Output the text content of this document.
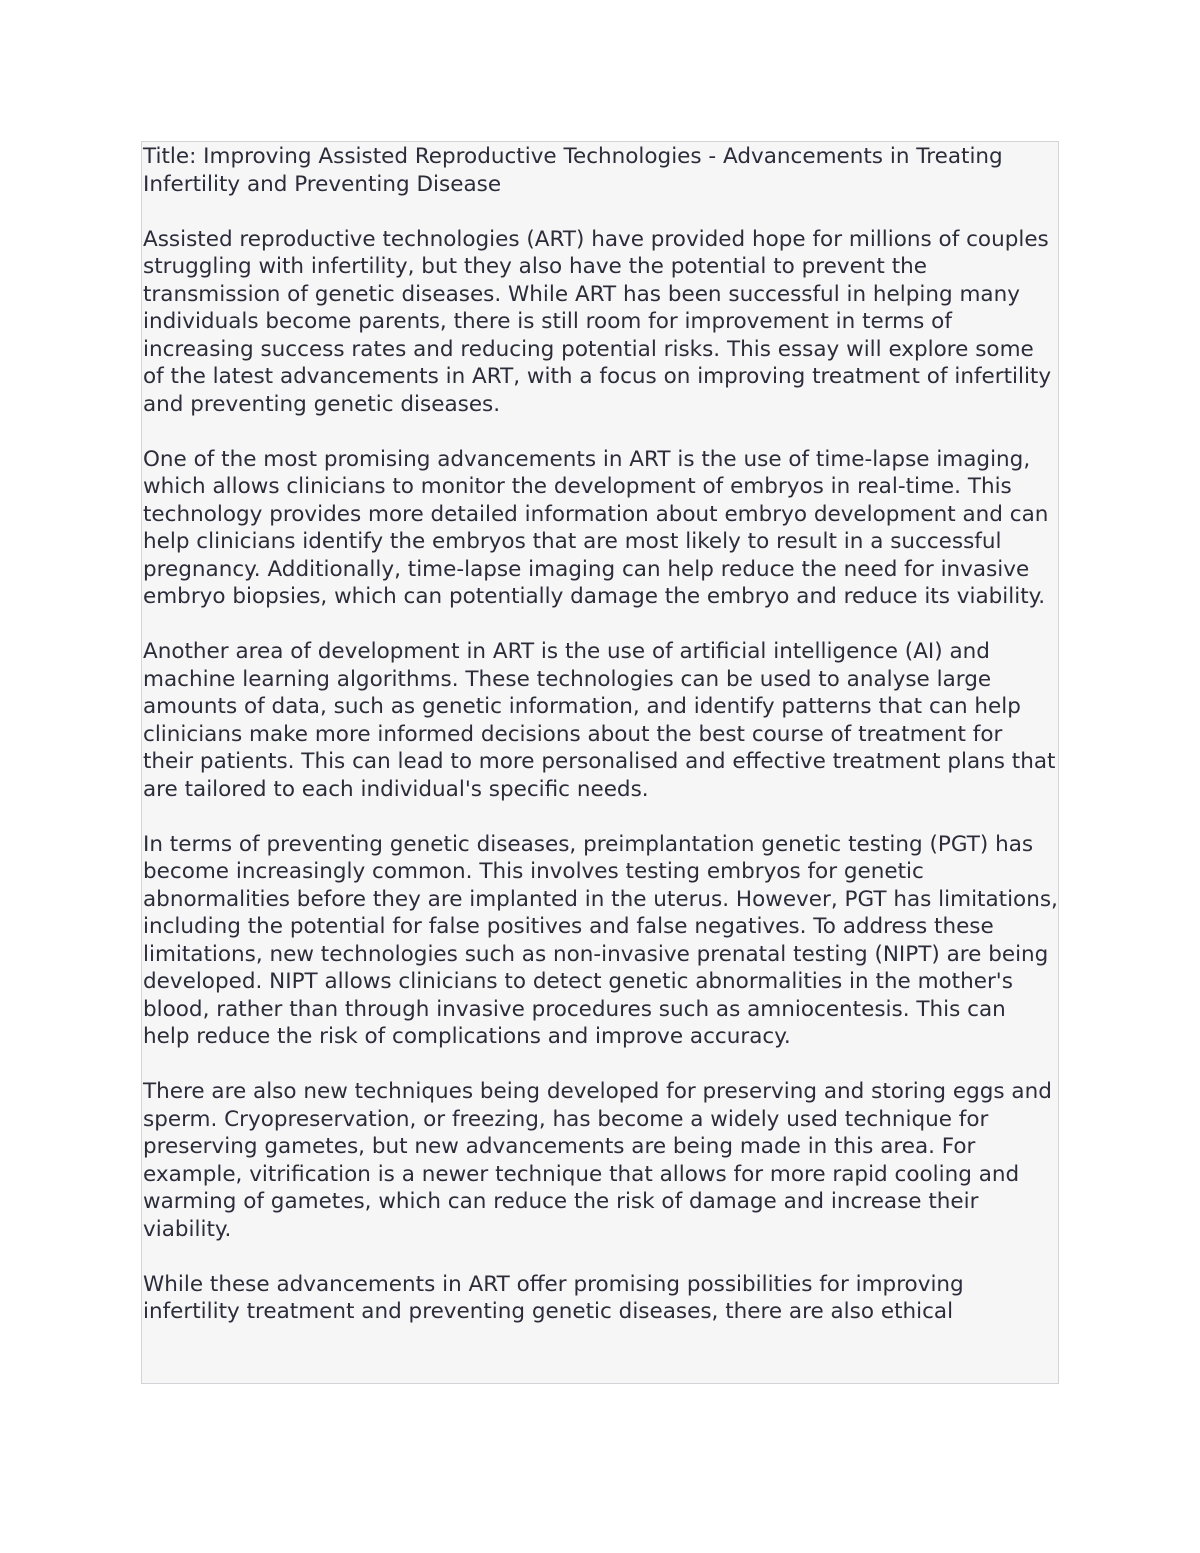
Title: Improving Assisted Reproductive Technologies - Advancements in Treating Infertility and Preventing Disease
Assisted reproductive technologies (ART) have provided hope for millions of couples struggling with infertility, but they also have the potential to prevent the transmission of genetic diseases. While ART has been successful in helping many individuals become parents, there is still room for improvement in terms of increasing success rates and reducing potential risks. This essay will explore some of the latest advancements in ART, with a focus on improving treatment of infertility and preventing genetic diseases.
One of the most promising advancements in ART is the use of time-lapse imaging, which allows clinicians to monitor the development of embryos in real-time. This technology provides more detailed information about embryo development and can help clinicians identify the embryos that are most likely to result in a successful pregnancy. Additionally, time-lapse imaging can help reduce the need for invasive embryo biopsies, which can potentially damage the embryo and reduce its viability.
Another area of development in ART is the use of artificial intelligence (AI) and machine learning algorithms. These technologies can be used to analyse large amounts of data, such as genetic information, and identify patterns that can help clinicians make more informed decisions about the best course of treatment for their patients. This can lead to more personalised and effective treatment plans that are tailored to each individual's specific needs.
In terms of preventing genetic diseases, preimplantation genetic testing (PGT) has become increasingly common. This involves testing embryos for genetic abnormalities before they are implanted in the uterus. However, PGT has limitations, including the potential for false positives and false negatives. To address these limitations, new technologies such as non-invasive prenatal testing (NIPT) are being developed. NIPT allows clinicians to detect genetic abnormalities in the mother's blood, rather than through invasive procedures such as amniocentesis. This can help reduce the risk of complications and improve accuracy.
There are also new techniques being developed for preserving and storing eggs and sperm. Cryopreservation, or freezing, has become a widely used technique for preserving gametes, but new advancements are being made in this area. For example, vitrification is a newer technique that allows for more rapid cooling and warming of gametes, which can reduce the risk of damage and increase their viability.
While these advancements in ART offer promising possibilities for improving infertility treatment and preventing genetic diseases, there are also ethical
